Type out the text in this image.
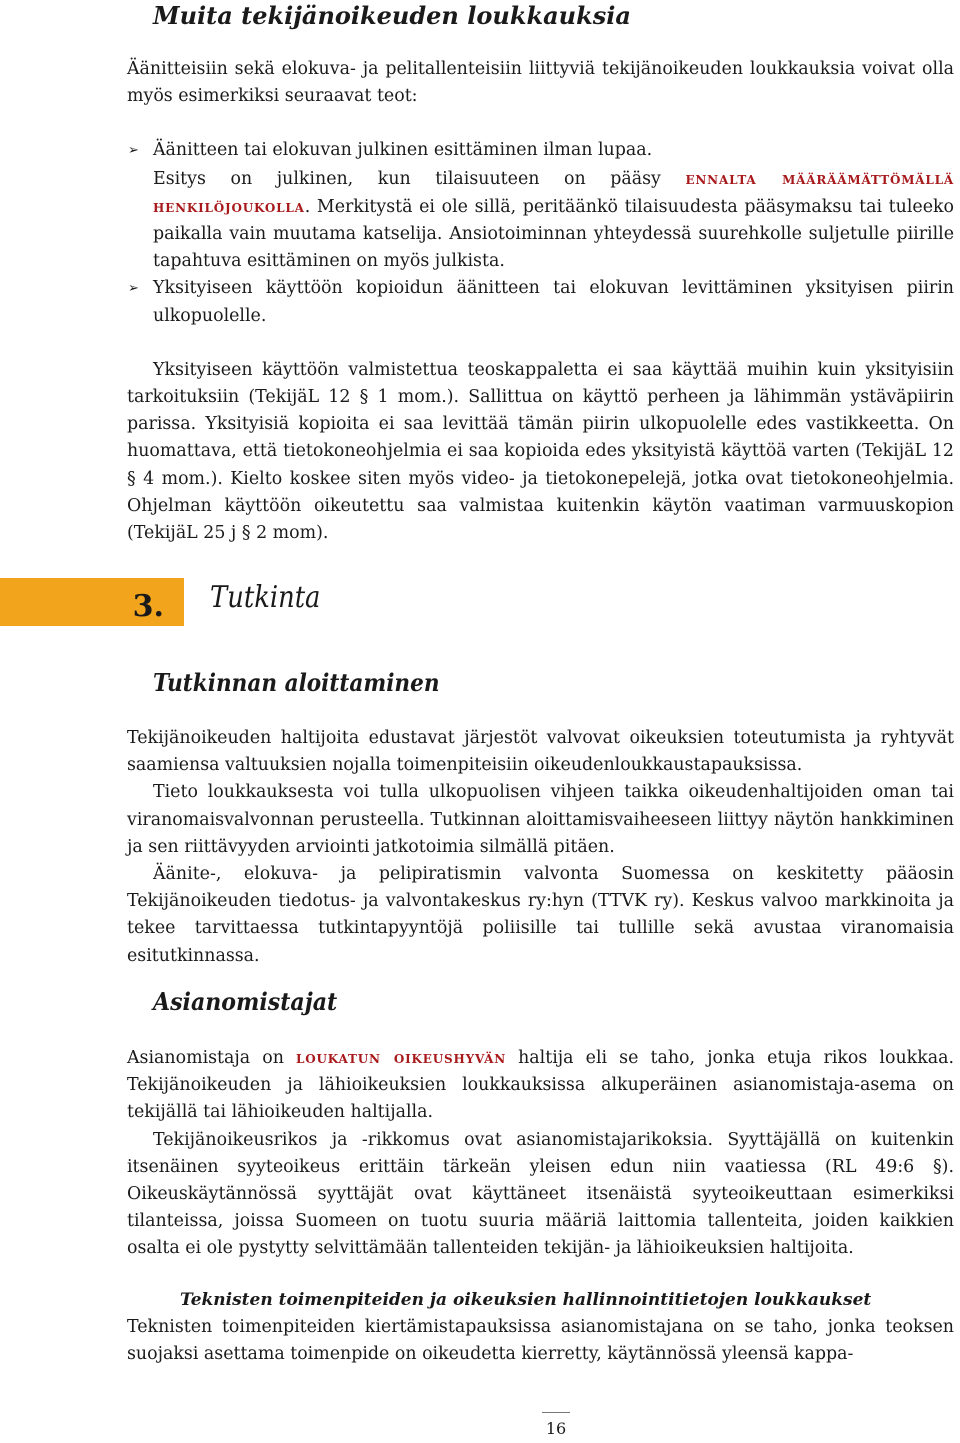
Muita tekijänoikeuden loukkauksia

Äänitteisiin sekä elokuva- ja pelitallenteisiin liittyviä tekijänoikeuden loukkauksia voivat olla myös esimerkiksi seuraavat teot:

➢ Äänitteen tai elokuvan julkinen esittäminen ilman lupaa.
Esitys on julkinen, kun tilaisuuteen on pääsy ennalta määräämättömällä henkilöjoukolla. Merkitystä ei ole sillä, peritäänkö tilaisuudesta pääsymaksu tai tuleeko paikalla vain muutama katselija. Ansiotoiminnan yhteydessä suurehkolle suljetulle piirille tapahtuva esittäminen on myös julkista.
➢ Yksityiseen käyttöön kopioidun äänitteen tai elokuvan levittäminen yksityisen piirin ulkopuolelle.

Yksityiseen käyttöön valmistettua teoskappaletta ei saa käyttää muihin kuin yksityisiin tarkoituksiin (TekijäL 12 § 1 mom.). Sallittua on käyttö perheen ja lähimmän ystäväpiirin parissa. Yksityisiä kopioita ei saa levittää tämän piirin ulkopuolelle edes vastikkeetta. On huomattava, että tietokoneohjelmia ei saa kopioida edes yksityistä käyttöä varten (TekijäL 12 § 4 mom.). Kielto koskee siten myös video- ja tietokonepelejä, jotka ovat tietokoneohjelmia. Ohjelman käyttöön oikeutettu saa valmistaa kuitenkin käytön vaatiman varmuuskopion (TekijäL 25 j § 2 mom).

3. Tutkinta
Tutkinnan aloittaminen

Tekijänoikeuden haltijoita edustavat järjestöt valvovat oikeuksien toteutumista ja ryhtyvät saamiensa valtuuksien nojalla toimenpiteisiin oikeudenloukkaustapauksissa.

Tieto loukkauksesta voi tulla ulkopuolisen vihjeen taikka oikeudenhaltijoiden oman tai viranomaisvalvonnan perusteella. Tutkinnan aloittamisvaiheeseen liittyy näytön hankkiminen ja sen riittävyyden arviointi jatkotoimia silmällä pitäen.

Äänite-, elokuva- ja pelipiratismin valvonta Suomessa on keskitetty pääosin Tekijänoikeuden tiedotus- ja valvontakeskus ry:hyn (TTVK ry). Keskus valvoo markkinoita ja tekee tarvittaessa tutkintapyyntöjä poliisille tai tullille sekä avustaa viranomaisia esitutkinnassa.

Asianomistajat

Asianomistaja on loukatun oikeushyvän haltija eli se taho, jonka etuja rikos loukkaa. Tekijänoikeuden ja lähioikeuksien loukkauksissa alkuperäinen asianomistaja-asema on tekijällä tai lähioikeuden haltijalla.

Tekijänoikeusrikos ja -rikkomus ovat asianomistajarikoksia. Syyttäjällä on kuitenkin itsenäinen syyteoikeus erittäin tärkeän yleisen edun niin vaatiessa (RL 49:6 §). Oikeuskäytännössä syyttäjät ovat käyttäneet itsenäistä syyteoikeuttaan esimerkiksi tilanteissa, joissa Suomeen on tuotu suuria määriä laittomia tallenteita, joiden kaikkien osalta ei ole pystytty selvittämään tallenteiden tekijän- ja lähioikeuksien haltijoita.

Teknisten toimenpiteiden ja oikeuksien hallinnointitietojen loukkaukset

Teknisten toimenpiteiden kiertämistapauksissa asianomistajana on se taho, jonka teoksen suojaksi asettama toimenpide on oikeudetta kierretty, käytännössä yleensä kappa-

16
